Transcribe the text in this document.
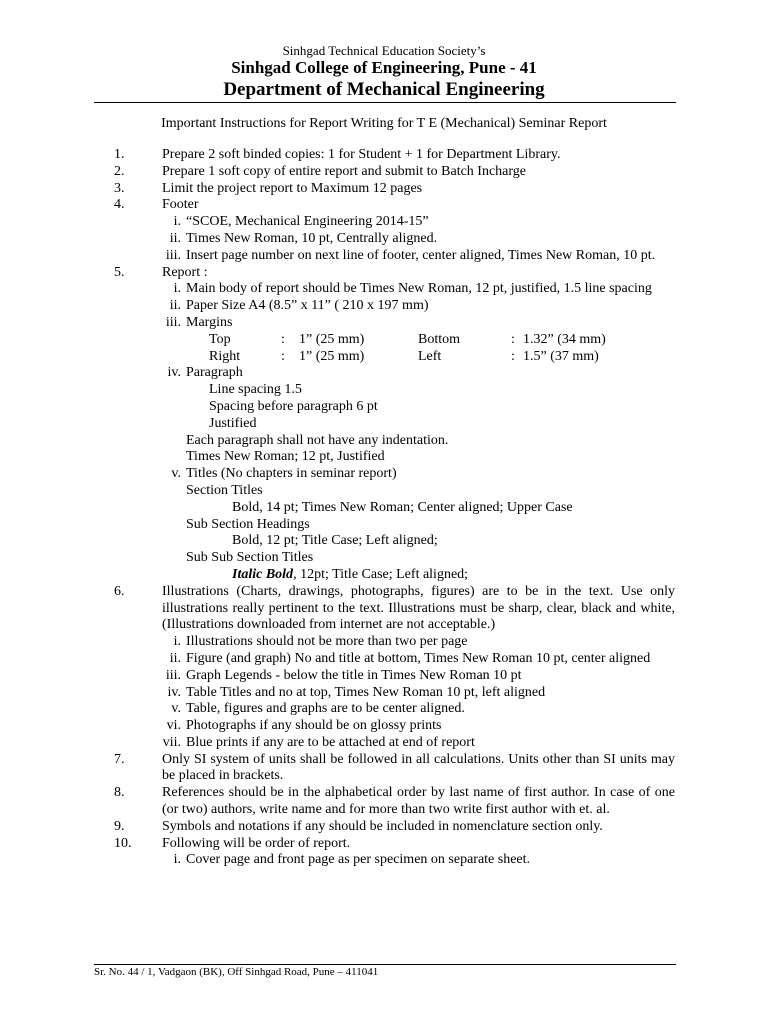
Sinhgad Technical Education Society’s
Sinhgad College of Engineering, Pune - 41
Department of Mechanical Engineering
Important Instructions for Report Writing for T E (Mechanical) Seminar Report
1.	Prepare 2 soft binded copies: 1 for Student + 1 for Department Library.
2.	Prepare 1 soft copy of entire report and submit to Batch Incharge
3.	Limit the project report to Maximum 12 pages
4.	Footer
i. “SCOE, Mechanical Engineering 2014-15”
ii. Times New Roman, 10 pt, Centrally aligned.
iii. Insert page number on next line of footer, center aligned, Times New Roman, 10 pt.
5.	Report :
i. Main body of report should be Times New Roman, 12 pt, justified, 1.5 line spacing
ii. Paper Size A4 (8.5” x 11” ( 210 x 197 mm)
iii. Margins
Top	: 1” (25 mm)	Bottom	: 1.32” (34 mm)
Right	: 1” (25 mm)	Left	: 1.5” (37 mm)
iv. Paragraph
Line spacing 1.5
Spacing before paragraph 6 pt
Justified
Each paragraph shall not have any indentation.
Times New Roman; 12 pt, Justified
v. Titles (No chapters in seminar report)
Section Titles
Bold, 14 pt; Times New Roman; Center aligned; Upper Case
Sub Section Headings
Bold, 12 pt; Title Case; Left aligned;
Sub Sub Section Titles
Italic Bold, 12pt; Title Case; Left aligned;
6.	Illustrations (Charts, drawings, photographs, figures) are to be in the text. Use only illustrations really pertinent to the text. Illustrations must be sharp, clear, black and white, (Illustrations downloaded from internet are not acceptable.)
i. Illustrations should not be more than two per page
ii. Figure (and graph) No and title at bottom, Times New Roman 10 pt, center aligned
iii. Graph Legends - below the title in Times New Roman 10 pt
iv. Table Titles and no at top, Times New Roman 10 pt, left aligned
v. Table, figures and graphs are to be center aligned.
vi. Photographs if any should be on glossy prints
vii. Blue prints if any are to be attached at end of report
7.	Only SI system of units shall be followed in all calculations. Units other than SI units may be placed in brackets.
8.	References should be in the alphabetical order by last name of first author. In case of one (or two) authors, write name and for more than two write first author with et. al.
9.	Symbols and notations if any should be included in nomenclature section only.
10.	Following will be order of report.
i. Cover page and front page as per specimen on separate sheet.
Sr. No. 44 / 1, Vadgaon (BK), Off Sinhgad Road, Pune – 411041
